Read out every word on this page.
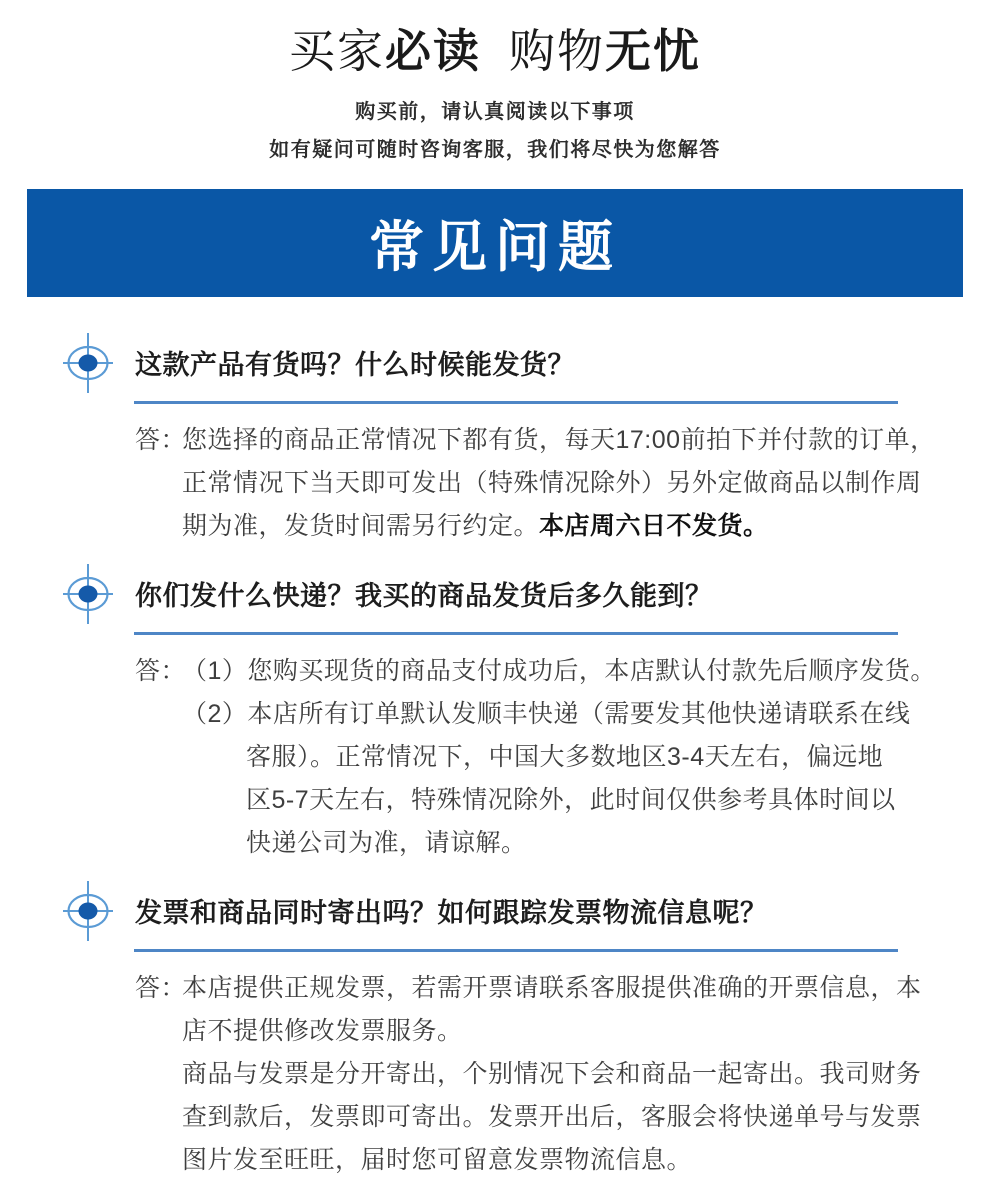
买家必读 购物无忧

购买前，请认真阅读以下事项

如有疑问可随时咨询客服，我们将尽快为您解答

常见问题
这款产品有货吗？什么时候能发货？
答：
您选择的商品正常情况下都有货，每天17:00前拍下并付款的订单，
正常情况下当天即可发出（特殊情况除外）另外定做商品以制作周
期为准，发货时间需另行约定。本店周六日不发货。
你们发什么快递？我买的商品发货后多久能到？
答：
（1）您购买现货的商品支付成功后，本店默认付款先后顺序发货。
（2）本店所有订单默认发顺丰快递（需要发其他快递请联系在线
客服）。正常情况下，中国大多数地区3-4天左右，偏远地
区5-7天左右，特殊情况除外，此时间仅供参考具体时间以
快递公司为准，请谅解。
发票和商品同时寄出吗？如何跟踪发票物流信息呢？
答：
本店提供正规发票，若需开票请联系客服提供准确的开票信息，本
店不提供修改发票服务。
商品与发票是分开寄出，个别情况下会和商品一起寄出。我司财务
查到款后，发票即可寄出。发票开出后，客服会将快递单号与发票
图片发至旺旺，届时您可留意发票物流信息。
